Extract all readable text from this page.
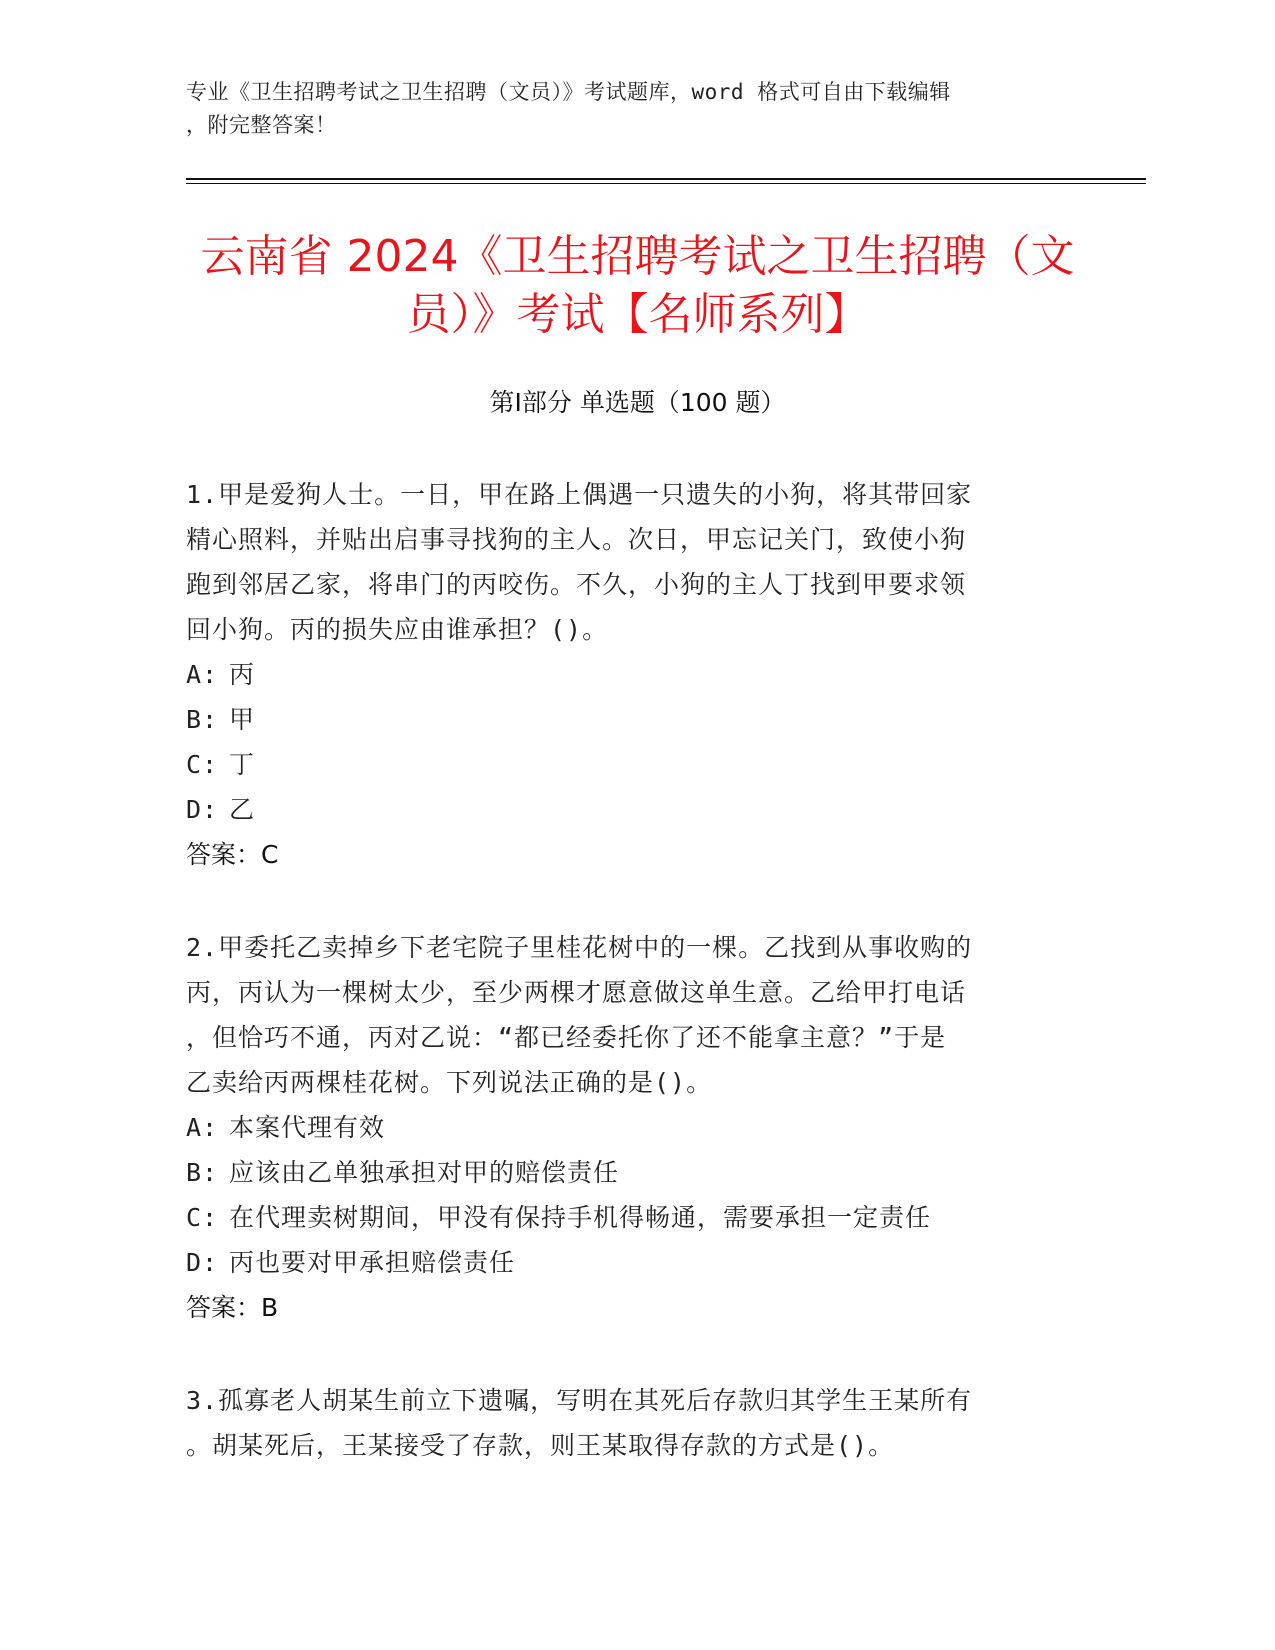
专业《卫生招聘考试之卫生招聘（文员）》考试题库，word 格式可自由下载编辑
，附完整答案！
云南省 2024《卫生招聘考试之卫生招聘（文
员）》考试【名师系列】
第Ⅰ部分 单选题（100 题）

1.甲是爱狗人士。一日，甲在路上偶遇一只遗失的小狗，将其带回家

精心照料，并贴出启事寻找狗的主人。次日，甲忘记关门，致使小狗

跑到邻居乙家，将串门的丙咬伤。不久，小狗的主人丁找到甲要求领

回小狗。丙的损失应由谁承担？()。

A: 丙

B: 甲

C: 丁

D: 乙

答案：C

2.甲委托乙卖掉乡下老宅院子里桂花树中的一棵。乙找到从事收购的

丙，丙认为一棵树太少，至少两棵才愿意做这单生意。乙给甲打电话

，但恰巧不通，丙对乙说：“都已经委托你了还不能拿主意？”于是

乙卖给丙两棵桂花树。下列说法正确的是()。

A: 本案代理有效

B: 应该由乙单独承担对甲的赔偿责任

C: 在代理卖树期间，甲没有保持手机得畅通，需要承担一定责任

D: 丙也要对甲承担赔偿责任

答案：B

3.孤寡老人胡某生前立下遗嘱，写明在其死后存款归其学生王某所有

。胡某死后，王某接受了存款，则王某取得存款的方式是()。
